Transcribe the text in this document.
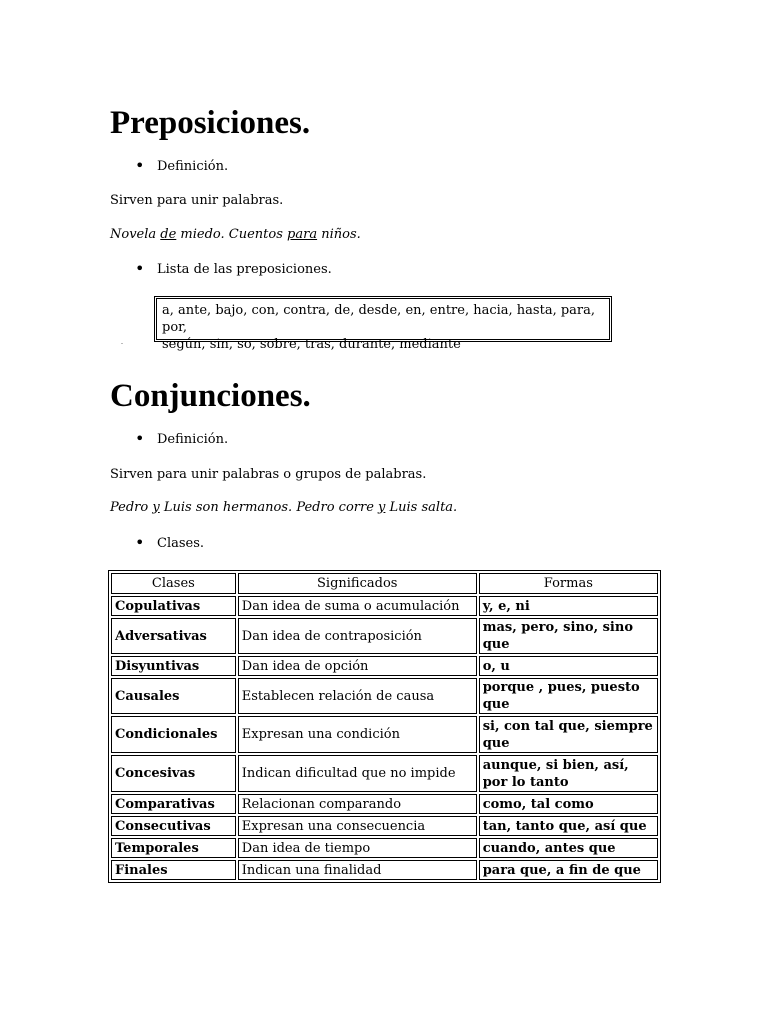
Preposiciones.
• Definición.

Sirven para unir palabras.

Novela de miedo. Cuentos para niños.

• Lista de las preposiciones.
a, ante, bajo, con, contra, de, desde, en, entre, hacia, hasta, para, por,
según, sin, so, sobre, tras, durante, mediante
Conjunciones.
• Definición.

Sirven para unir palabras o grupos de palabras.

Pedro y Luis son hermanos. Pedro corre y Luis salta.

• Clases.
Clases	Significados	Formas
Copulativas	Dan idea de suma o acumulación	y, e, ni
Adversativas	Dan idea de contraposición	mas, pero, sino, sino que
Disyuntivas	Dan idea de opción	o, u
Causales	Establecen relación de causa	porque , pues, puesto que
Condicionales	Expresan una condición	si, con tal que, siempre que
Concesivas	Indican dificultad que no impide	aunque, si bien, así, por lo tanto
Comparativas	Relacionan comparando	como, tal como
Consecutivas	Expresan una consecuencia	tan, tanto que, así que
Temporales	Dan idea de tiempo	cuando, antes que
Finales	Indican una finalidad	para que, a fin de que
